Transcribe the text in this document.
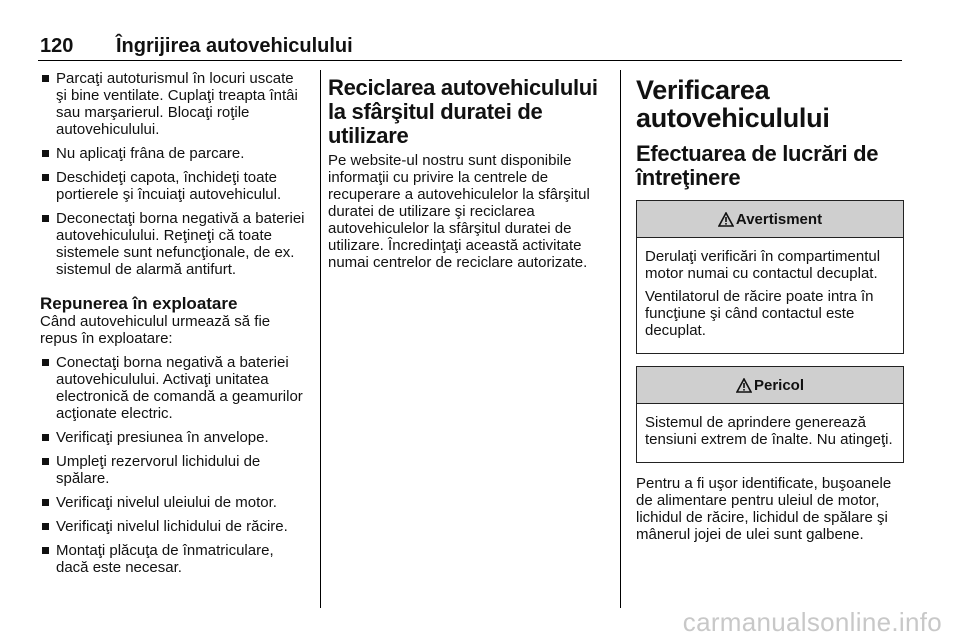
120	Îngrijirea autovehiculului
Parcaţi autoturismul în locuri uscate şi bine ventilate. Cuplaţi treapta întâi sau marşarierul. Blocaţi roţile autovehiculului.
Nu aplicaţi frâna de parcare.
Deschideţi capota, închideţi toate portierele şi încuiaţi autovehiculul.
Deconectaţi borna negativă a bateriei autovehiculului. Reţineţi că toate sistemele sunt nefuncţionale, de ex. sistemul de alarmă antifurt.
Repunerea în exploatare

Când autovehiculul urmează să fie repus în exploatare:

Conectaţi borna negativă a bateriei autovehiculului. Activaţi unitatea electronică de comandă a geamurilor acţionate electric.
Verificaţi presiunea în anvelope.
Umpleţi rezervorul lichidului de spălare.
Verificaţi nivelul uleiului de motor.
Verificaţi nivelul lichidului de răcire.
Montaţi plăcuţa de înmatriculare, dacă este necesar.
Reciclarea autovehiculului la sfârşitul duratei de utilizare

Pe website-ul nostru sunt disponibile informaţii cu privire la centrele de recuperare a autovehiculelor la sfârşitul duratei de utilizare şi reciclarea autovehiculelor la sfârşitul duratei de utilizare. Încredinţaţi această activitate numai centrelor de reciclare autorizate.

Verificarea autovehiculului
Efectuarea de lucrări de întreţinere
Avertisment

Derulaţi verificări în compartimentul motor numai cu contactul decuplat.

Ventilatorul de răcire poate intra în funcţiune şi când contactul este decuplat.

Pericol

Sistemul de aprindere generează tensiuni extrem de înalte. Nu atingeţi.

Pentru a fi uşor identificate, buşoanele de alimentare pentru uleiul de motor, lichidul de răcire, lichidul de spălare şi mânerul jojei de ulei sunt galbene.

carmanualsonline.info
